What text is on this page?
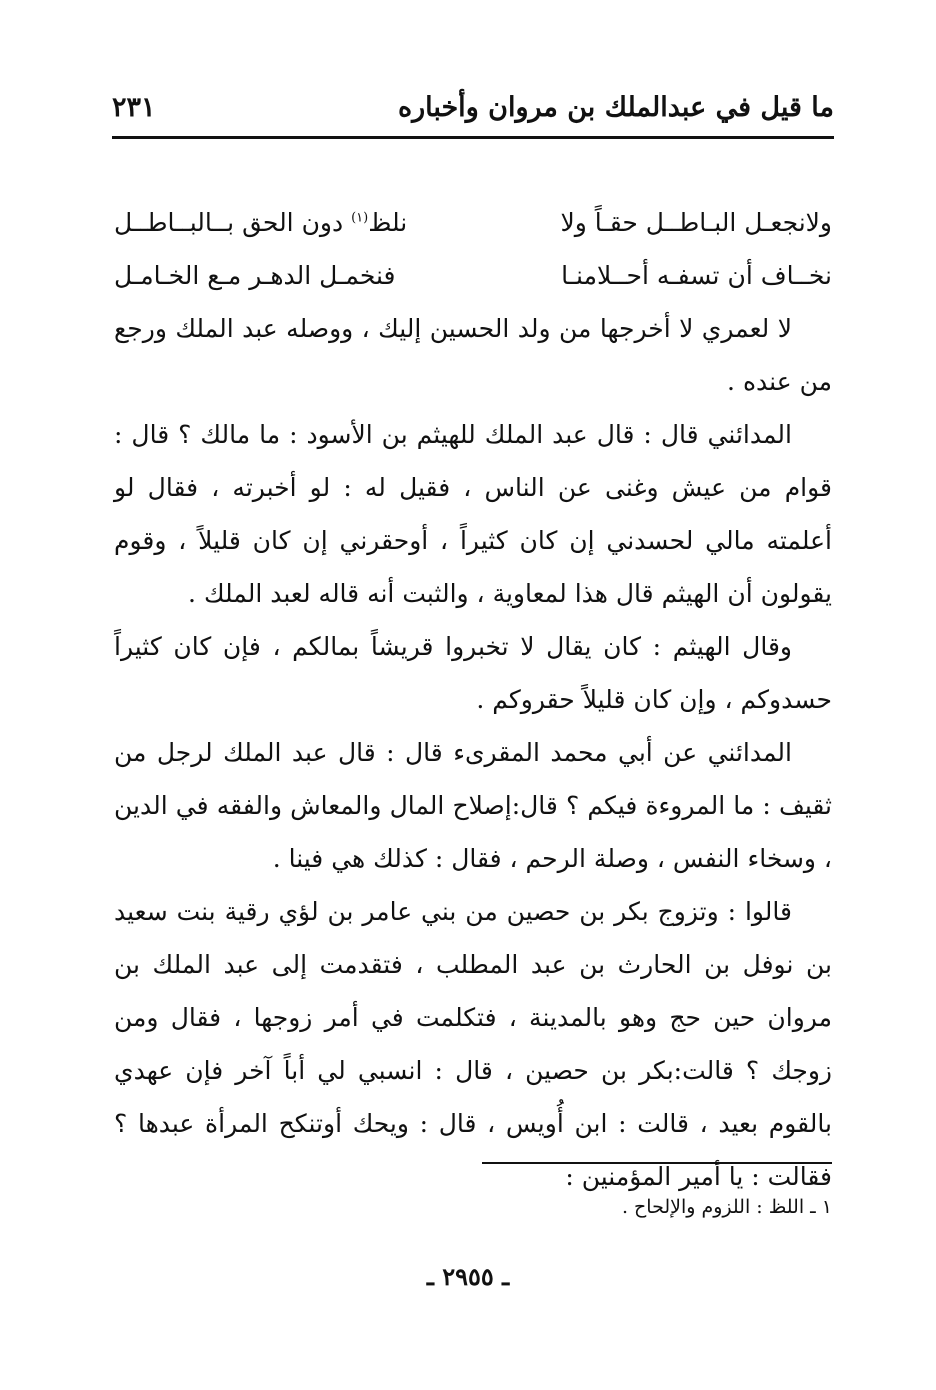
ما قيل في عبدالملك بن مروان وأخباره
٢٣١
ولانجعـل البـاطــل حقـاً ولا
نلظ$^{(١)}$ دون الحق بــالبــاطــل
نخــاف أن تسفـه أحــلامنـا
فنخمـل الدهـر مـع الخـامـل

لا لعمري لا أخرجها من ولد الحسين إليك ، ووصله عبد الملك ورجع من عنده .

المدائني قال : قال عبد الملك للهيثم بن الأسود : ما مالك ؟ قال : قوام من عيش وغنى عن الناس ، فقيل له : لو أخبرته ، فقال لو أعلمته مالي لحسدني إن كان كثيراً ، أوحقرني إن كان قليلاً ، وقوم يقولون أن الهيثم قال هذا لمعاوية ، والثبت أنه قاله لعبد الملك .

وقال الهيثم : كان يقال لا تخبروا قريشاً بمالكم ، فإن كان كثيراً حسدوكم ، وإن كان قليلاً حقروكم .

المدائني عن أبي محمد المقرىء قال : قال عبد الملك لرجل من ثقيف : ما المروءة فيكم ؟ قال:إصلاح المال والمعاش والفقه في الدين ، وسخاء النفس ، وصلة الرحم ، فقال : كذلك هي فينا .

قالوا : وتزوج بكر بن حصين من بني عامر بن لؤي رقية بنت سعيد بن نوفل بن الحارث بن عبد المطلب ، فتقدمت إلى عبد الملك بن مروان حين حج وهو بالمدينة ، فتكلمت في أمر زوجها ، فقال ومن زوجك ؟ قالت:بكر بن حصين ، قال : انسبي لي أباً آخر فإن عهدي بالقوم بعيد ، قالت : ابن أُويس ، قال : ويحك أوتنكح المرأة عبدها ؟ فقالت : يا أمير المؤمنين :

١ ـ اللظ : اللزوم والإلحاح .
ـ ٢٩٥٥ ـ
